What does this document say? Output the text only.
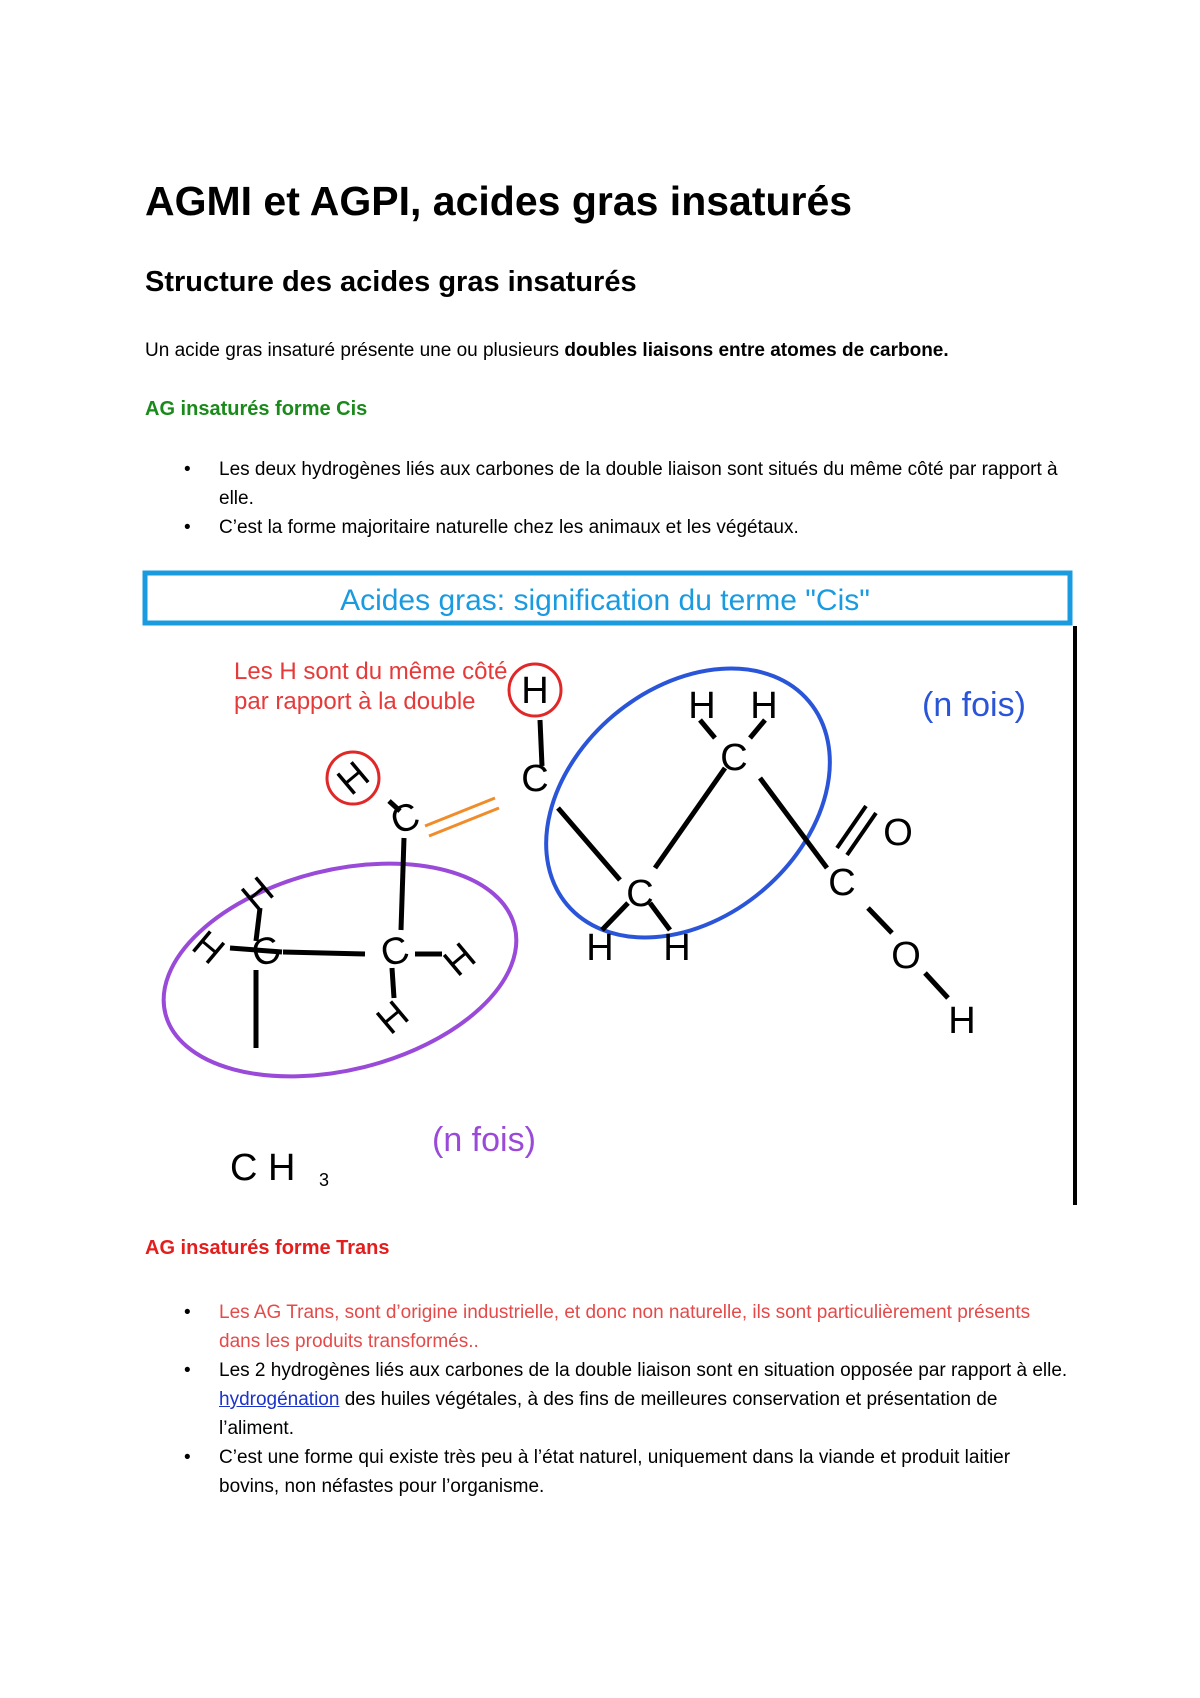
AGMI et AGPI, acides gras insaturés
Structure des acides gras insaturés
Un acide gras insaturé présente une ou plusieurs doubles liaisons entre atomes de carbone.
AG insaturés forme Cis
• Les deux hydrogènes liés aux carbones de la double liaison sont situés du même côté par rapport à elle.
• C’est la forme majoritaire naturelle chez les animaux et les végétaux.
Acides gras: signification du terme "Cis"
Les H sont du même côté
par rapport à la double	(n fois)
(n fois)
H
C
H
C
H H
C
C
H H
C
O
O
H
H
H C C H
H
C H 3
AG insaturés forme Trans
• Les AG Trans, sont d’origine industrielle, et donc non naturelle, ils sont particulièrement présents dans les produits transformés..
• Les 2 hydrogènes liés aux carbones de la double liaison sont en situation opposée par rapport à elle. hydrogénation des huiles végétales, à des fins de meilleures conservation et présentation de l’aliment.
• C’est une forme qui existe très peu à l’état naturel, uniquement dans la viande et produit laitier bovins, non néfastes pour l’organisme.
